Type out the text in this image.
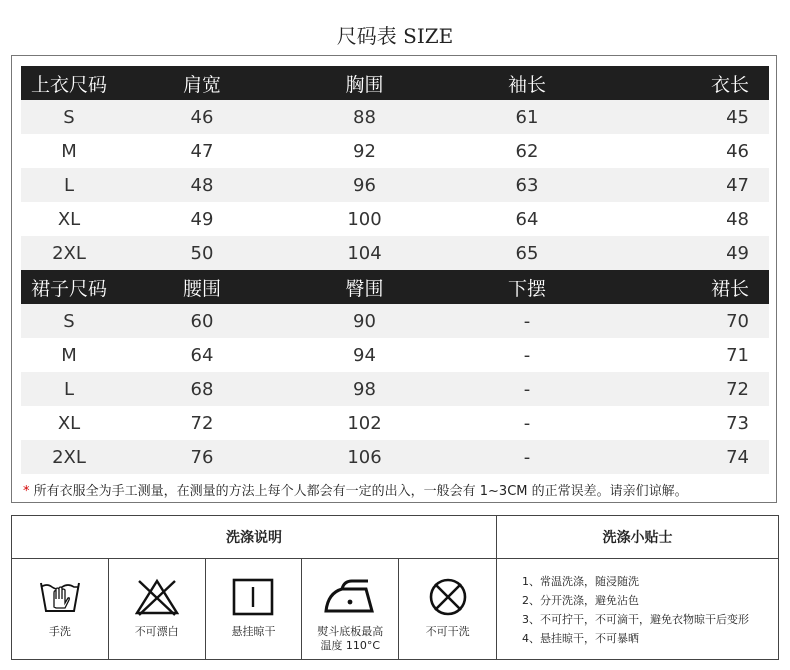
尺码表 SIZE
上衣尺码	肩宽	胸围	袖长	衣长
S	46	88	61	45
M	47	92	62	46
L	48	96	63	47
XL	49	100	64	48
2XL	50	104	65	49
裙子尺码	腰围	臀围	下摆	裙长
S	60	90	-	70
M	64	94	-	71
L	68	98	-	72
XL	72	102	-	73
2XL	76	106	-	74
* 所有衣服全为手工测量，在测量的方法上每个人都会有一定的出入，一般会有 1~3CM 的正常误差。请亲们谅解。
洗涤说明
手洗	不可漂白	悬挂晾干	熨斗底板最高
温度 110°C
不可干洗
洗涤小贴士
1、常温洗涤，随浸随洗
2、分开洗涤，避免沾色
3、不可拧干，不可滴干，避免衣物晾干后变形
4、悬挂晾干，不可暴晒
